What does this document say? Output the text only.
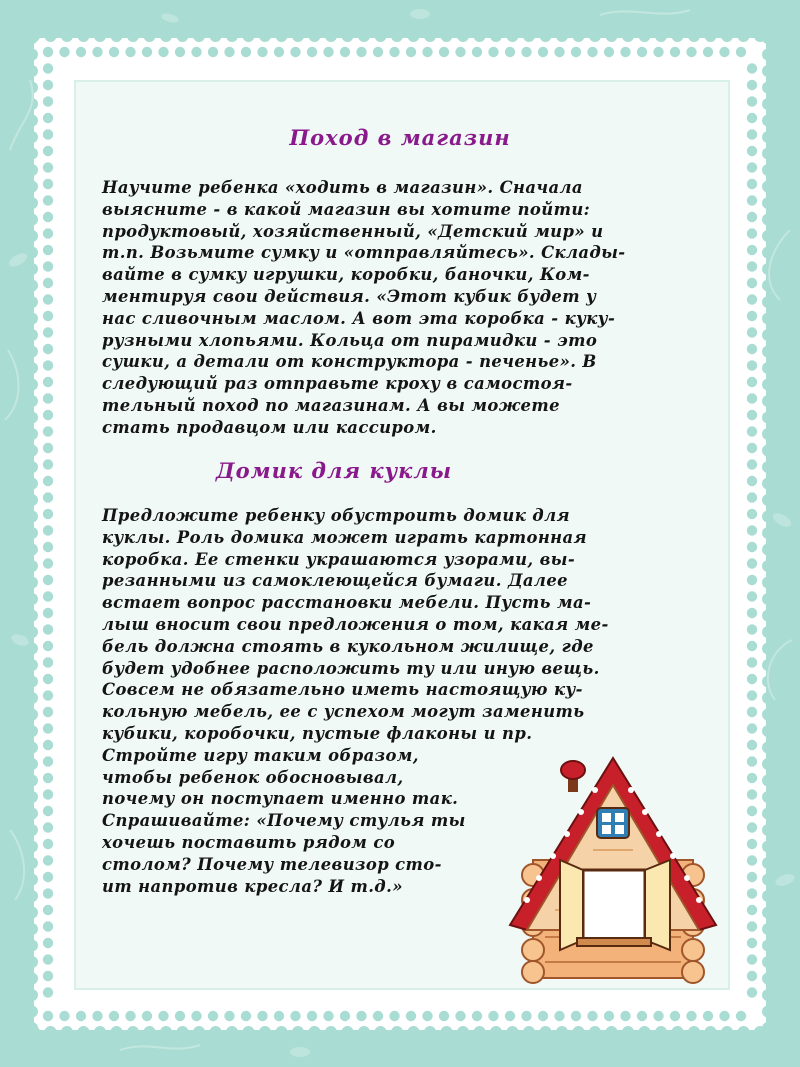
Поход в магазин

Научите ребенка «ходить в магазин». Сначала
выясните - в какой магазин вы хотите пойти:
продуктовый, хозяйственный, «Детский мир» и
т.п. Возьмите сумку и «отправляйтесь». Склады-
вайте в сумку игрушки, коробки, баночки, Ком-
ментируя свои действия. «Этот кубик будет у
нас сливочным маслом. А вот эта коробка - куку-
рузными хлопьями. Кольца от пирамидки - это
сушки, а детали от конструктора - печенье». В
следующий раз отправьте кроху в самостоя-
тельный поход по магазинам. А вы можете
стать продавцом или кассиром.

Домик для куклы

Предложите ребенку обустроить домик для
куклы. Роль домика может играть картонная
коробка. Ее стенки украшаются узорами, вы-
резанными из самоклеющейся бумаги. Далее
встает вопрос расстановки мебели. Пусть ма-
лыш вносит свои предложения о том, какая ме-
бель должна стоять в кукольном жилище, где
будет удобнее расположить ту или иную вещь.
Совсем не обязательно иметь настоящую ку-
кольную мебель, ее с успехом могут заменить
кубики, коробочки, пустые флаконы и пр.
Стройте игру таким образом,
чтобы ребенок обосновывал,
почему он поступает именно так.
Спрашивайте: «Почему стулья ты
хочешь поставить рядом со
столом? Почему телевизор сто-
ит напротив кресла? И т.д.»
